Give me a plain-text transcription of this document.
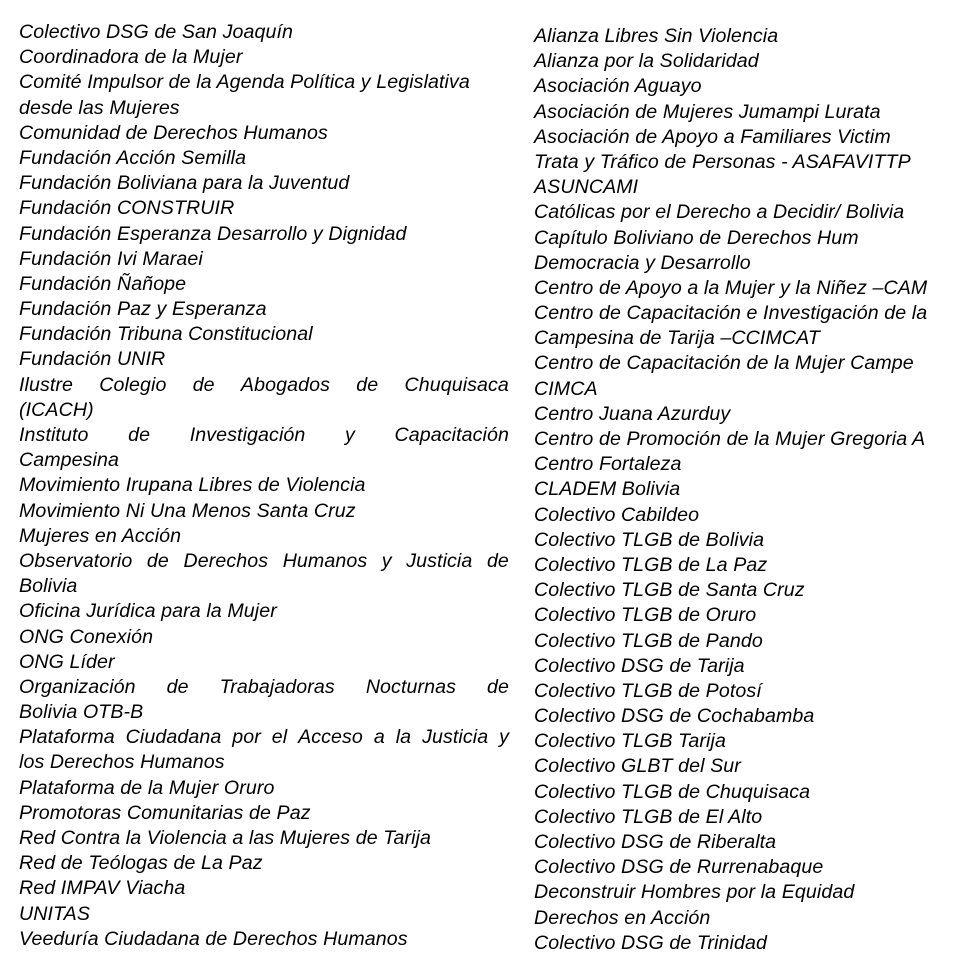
Colectivo DSG de San Joaquín
Coordinadora de la Mujer
Comité Impulsor de la Agenda Política y Legislativa
desde las Mujeres
Comunidad de Derechos Humanos
Fundación Acción Semilla
Fundación Boliviana para la Juventud
Fundación CONSTRUIR
Fundación Esperanza Desarrollo y Dignidad
Fundación Ivi Maraei
Fundación Ñañope
Fundación Paz y Esperanza
Fundación Tribuna Constitucional
Fundación UNIR
Ilustre Colegio de Abogados de Chuquisaca
(ICACH)
Instituto de Investigación y Capacitación
Campesina
Movimiento Irupana Libres de Violencia
Movimiento Ni Una Menos Santa Cruz
Mujeres en Acción
Observatorio de Derechos Humanos y Justicia de
Bolivia
Oficina Jurídica para la Mujer
ONG Conexión
ONG Líder
Organización de Trabajadoras Nocturnas de
Bolivia OTB-B
Plataforma Ciudadana por el Acceso a la Justicia y
los Derechos Humanos
Plataforma de la Mujer Oruro
Promotoras Comunitarias de Paz
Red Contra la Violencia a las Mujeres de Tarija
Red de Teólogas de La Paz
Red IMPAV Viacha
UNITAS
Veeduría Ciudadana de Derechos Humanos
Alianza Libres Sin Violencia
Alianza por la Solidaridad
Asociación Aguayo
Asociación de Mujeres Jumampi Lurata
Asociación de Apoyo a Familiares Victim
Trata y Tráfico de Personas - ASAFAVITTP
ASUNCAMI
Católicas por el Derecho a Decidir/ Bolivia
Capítulo Boliviano de Derechos Hum
Democracia y Desarrollo
Centro de Apoyo a la Mujer y la Niñez –CAM
Centro de Capacitación e Investigación de la
Campesina de Tarija –CCIMCAT
Centro de Capacitación de la Mujer Campe
CIMCA
Centro Juana Azurduy
Centro de Promoción de la Mujer Gregoria A
Centro Fortaleza
CLADEM Bolivia
Colectivo Cabildeo
Colectivo TLGB de Bolivia
Colectivo TLGB de La Paz
Colectivo TLGB de Santa Cruz
Colectivo TLGB de Oruro
Colectivo TLGB de Pando
Colectivo DSG de Tarija
Colectivo TLGB de Potosí
Colectivo DSG de Cochabamba
Colectivo TLGB Tarija
Colectivo GLBT del Sur
Colectivo TLGB de Chuquisaca
Colectivo TLGB de El Alto
Colectivo DSG de Riberalta
Colectivo DSG de Rurrenabaque
Deconstruir Hombres por la Equidad
Derechos en Acción
Colectivo DSG de Trinidad
